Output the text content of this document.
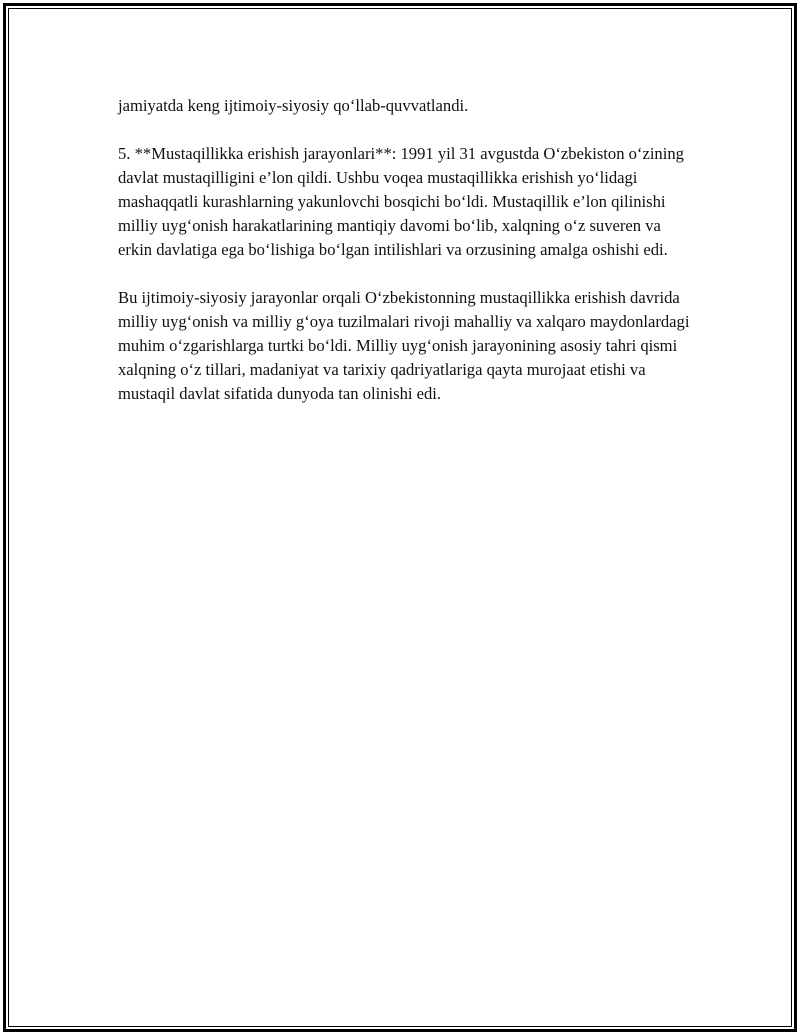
jamiyatda keng ijtimoiy-siyosiy qo‘llab-quvvatlandi.

5. **Mustaqillikka erishish jarayonlari**: 1991 yil 31 avgustda O‘zbekiston o‘zining davlat mustaqilligini e’lon qildi. Ushbu voqea mustaqillikka erishish yo‘lidagi mashaqqatli kurashlarning yakunlovchi bosqichi bo‘ldi. Mustaqillik e’lon qilinishi milliy uyg‘onish harakatlarining mantiqiy davomi bo‘lib, xalqning o‘z suveren va erkin davlatiga ega bo‘lishiga bo‘lgan intilishlari va orzusining amalga oshishi edi.

Bu ijtimoiy-siyosiy jarayonlar orqali O‘zbekistonning mustaqillikka erishish davrida milliy uyg‘onish va milliy g‘oya tuzilmalari rivoji mahalliy va xalqaro maydonlardagi muhim o‘zgarishlarga turtki bo‘ldi. Milliy uyg‘onish jarayonining asosiy tahri qismi xalqning o‘z tillari, madaniyat va tarixiy qadriyatlariga qayta murojaat etishi va mustaqil davlat sifatida dunyoda tan olinishi edi.
